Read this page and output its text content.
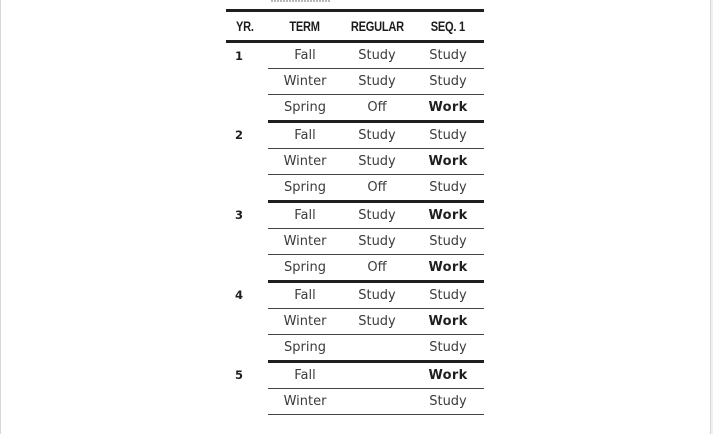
YR.	TERM	REGULAR	SEQ. 1
1	Fall	Study	Study
	Winter	Study	Study
	Spring	Off	Work
2	Fall	Study	Study
	Winter	Study	Work
	Spring	Off	Study
3	Fall	Study	Work
	Winter	Study	Study
	Spring	Off	Work
4	Fall	Study	Study
	Winter	Study	Work
	Spring		Study
5	Fall		Work
	Winter		Study
